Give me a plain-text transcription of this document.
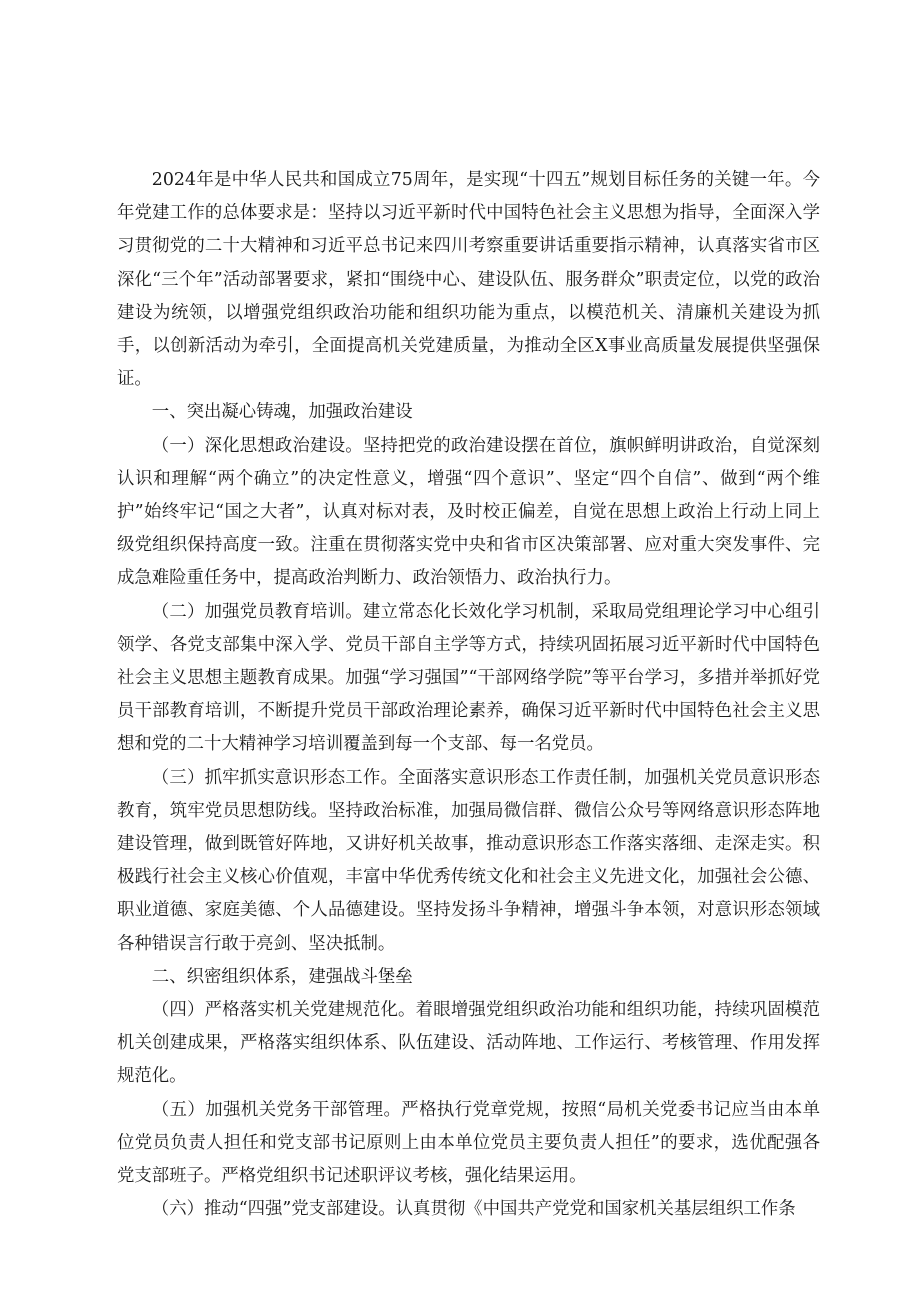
2024年是中华人民共和国成立75周年，是实现“十四五”规划目标任务的关键一年。今年党建工作的总体要求是：坚持以习近平新时代中国特色社会主义思想为指导，全面深入学习贯彻党的二十大精神和习近平总书记来四川考察重要讲话重要指示精神，认真落实省市区深化“三个年”活动部署要求，紧扣“围绕中心、建设队伍、服务群众”职责定位，以党的政治建设为统领，以增强党组织政治功能和组织功能为重点，以模范机关、清廉机关建设为抓手，以创新活动为牵引，全面提高机关党建质量，为推动全区X事业高质量发展提供坚强保证。

一、突出凝心铸魂，加强政治建设

（一）深化思想政治建设。坚持把党的政治建设摆在首位，旗帜鲜明讲政治，自觉深刻认识和理解“两个确立”的决定性意义，增强“四个意识”、坚定“四个自信”、做到“两个维护”始终牢记“国之大者”，认真对标对表，及时校正偏差，自觉在思想上政治上行动上同上级党组织保持高度一致。注重在贯彻落实党中央和省市区决策部署、应对重大突发事件、完成急难险重任务中，提高政治判断力、政治领悟力、政治执行力。

（二）加强党员教育培训。建立常态化长效化学习机制，采取局党组理论学习中心组引领学、各党支部集中深入学、党员干部自主学等方式，持续巩固拓展习近平新时代中国特色社会主义思想主题教育成果。加强“学习强国”“干部网络学院”等平台学习，多措并举抓好党员干部教育培训，不断提升党员干部政治理论素养，确保习近平新时代中国特色社会主义思想和党的二十大精神学习培训覆盖到每一个支部、每一名党员。

（三）抓牢抓实意识形态工作。全面落实意识形态工作责任制，加强机关党员意识形态教育，筑牢党员思想防线。坚持政治标准，加强局微信群、微信公众号等网络意识形态阵地建设管理，做到既管好阵地，又讲好机关故事，推动意识形态工作落实落细、走深走实。积极践行社会主义核心价值观，丰富中华优秀传统文化和社会主义先进文化，加强社会公德、职业道德、家庭美德、个人品德建设。坚持发扬斗争精神，增强斗争本领，对意识形态领域各种错误言行敢于亮剑、坚决抵制。

二、织密组织体系，建强战斗堡垒

（四）严格落实机关党建规范化。着眼增强党组织政治功能和组织功能，持续巩固模范机关创建成果，严格落实组织体系、队伍建设、活动阵地、工作运行、考核管理、作用发挥规范化。

（五）加强机关党务干部管理。严格执行党章党规，按照“局机关党委书记应当由本单位党员负责人担任和党支部书记原则上由本单位党员主要负责人担任”的要求，选优配强各党支部班子。严格党组织书记述职评议考核，强化结果运用。

（六）推动“四强”党支部建设。认真贯彻《中国共产党党和国家机关基层组织工作条
